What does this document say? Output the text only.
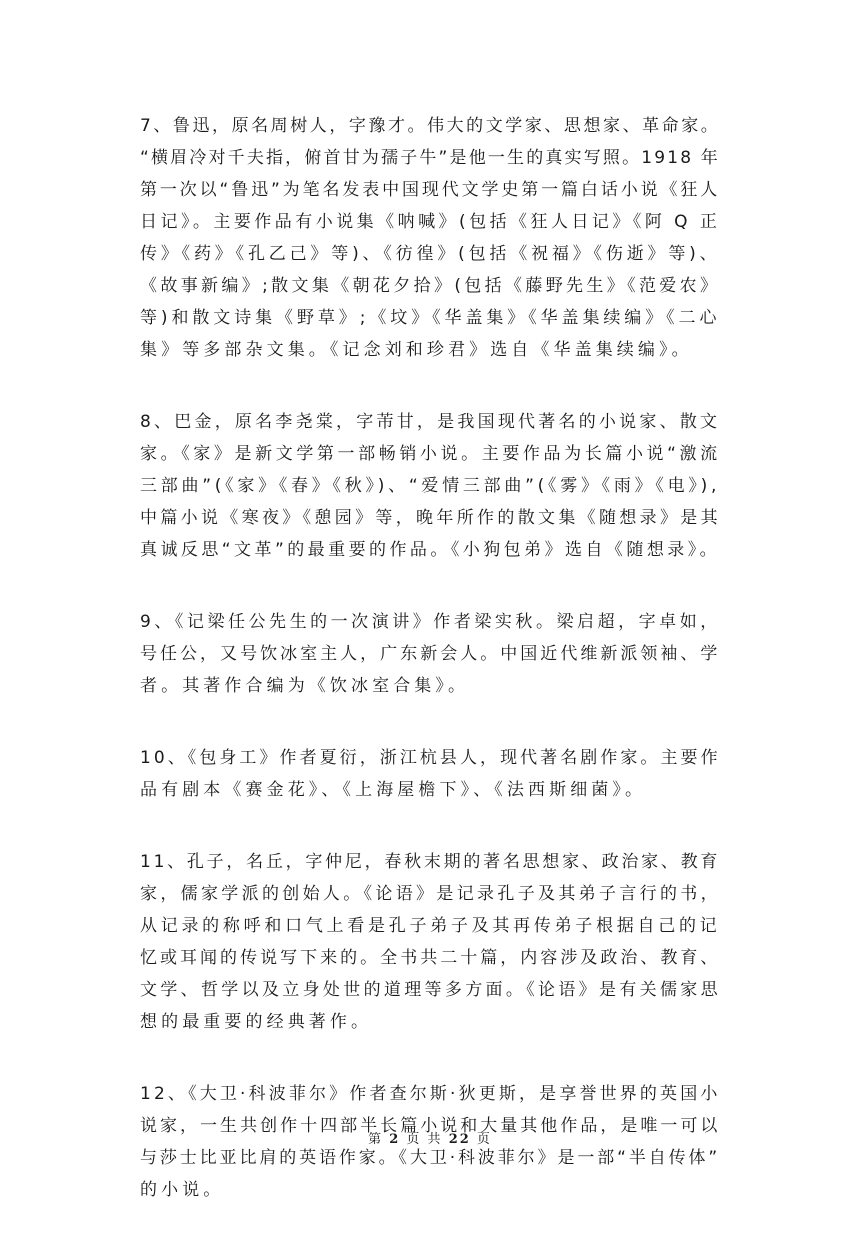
7、鲁迅，原名周树人，字豫才。伟大的文学家、思想家、革命家。
“横眉冷对千夫指，俯首甘为孺子牛”是他一生的真实写照。1918 年
第一次以“鲁迅”为笔名发表中国现代文学史第一篇白话小说《狂人
日记》。主要作品有小说集《呐喊》(包括《狂人日记》《阿 Q 正
传》《药》《孔乙己》等)、《彷徨》(包括《祝福》《伤逝》等)、
《故事新编》;散文集《朝花夕拾》(包括《藤野先生》《范爱农》
等)和散文诗集《野草》;《坟》《华盖集》《华盖集续编》《二心
集》等多部杂文集。《记念刘和珍君》选自《华盖集续编》。

8、巴金，原名李尧棠，字芾甘，是我国现代著名的小说家、散文
家。《家》是新文学第一部畅销小说。主要作品为长篇小说“激流
三部曲”(《家》《春》《秋》)、“爱情三部曲”(《雾》《雨》《电》),
中篇小说《寒夜》《憩园》等，晚年所作的散文集《随想录》是其
真诚反思“文革”的最重要的作品。《小狗包弟》选自《随想录》。

9、《记梁任公先生的一次演讲》作者梁实秋。梁启超，字卓如，
号任公，又号饮冰室主人，广东新会人。中国近代维新派领袖、学
者。其著作合编为《饮冰室合集》。

10、《包身工》作者夏衍，浙江杭县人，现代著名剧作家。主要作
品有剧本《赛金花》、《上海屋檐下》、《法西斯细菌》。

11、孔子，名丘，字仲尼，春秋末期的著名思想家、政治家、教育
家，儒家学派的创始人。《论语》是记录孔子及其弟子言行的书，
从记录的称呼和口气上看是孔子弟子及其再传弟子根据自己的记
忆或耳闻的传说写下来的。全书共二十篇，内容涉及政治、教育、
文学、哲学以及立身处世的道理等多方面。《论语》是有关儒家思
想的最重要的经典著作。

12、《大卫·科波菲尔》作者查尔斯·狄更斯，是享誉世界的英国小
说家，一生共创作十四部半长篇小说和大量其他作品，是唯一可以
与莎士比亚比肩的英语作家。《大卫·科波菲尔》是一部“半自传体”
的小说。

第 2 页 共 22 页
